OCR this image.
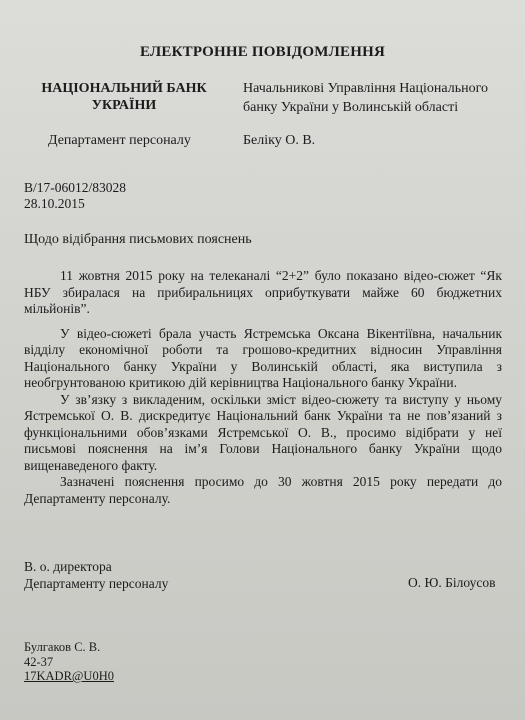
ЕЛЕКТРОННЕ ПОВІДОМЛЕННЯ
НАЦІОНАЛЬНИЙ БАНК
УКРАЇНИ
Начальникові Управління Національного
банку України у Волинській області
Департамент персоналу	Беліку О. В.
В/17-06012/83028
28.10.2015
Щодо відібрання письмових пояснень

11 жовтня 2015 року на телеканалі “2+2” було показано відео-сюжет “Як НБУ збиралася на прибиральницях оприбуткувати майже 60 бюджетних мільйонів”.

У відео-сюжеті брала участь Ястремська Оксана Вікентіївна, начальник відділу економічної роботи та грошово-кредитних відносин Управління Національного банку України у Волинській області, яка виступила з необгрунтованою критикою дій керівництва Національного банку України.

У зв’язку з викладеним, оскільки зміст відео-сюжету та виступу у ньому Ястремської О. В. дискредитує Національний банк України та не пов’язаний з функціональними обов’язками Ястремської О. В., просимо відібрати у неї письмові пояснення на ім’я Голови Національного банку України щодо вищенаведеного факту.

Зазначені пояснення просимо до 30 жовтня 2015 року передати до Департаменту персоналу.

В. о. директора
Департаменту персоналу	О. Ю. Білоусов
Булгаков С. В.
42-37
17KADR@U0H0
